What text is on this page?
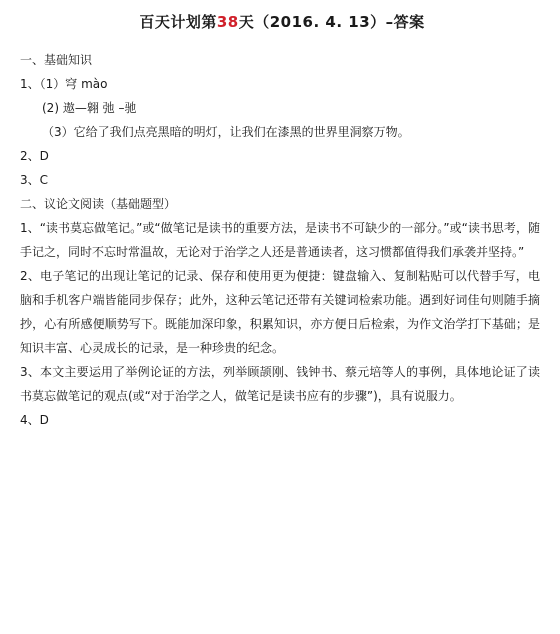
百天计划第38天（2016. 4. 13）–答案
一、基础知识
1、（1）穹 mào
(2) 遨—翱 弛 –驰
（3）它给了我们点亮黑暗的明灯，让我们在漆黑的世界里洞察万物。
2、D
3、C
二、议论文阅读（基础题型）

1、“读书莫忘做笔记。”或“做笔记是读书的重要方法，是读书不可缺少的一部分。”或“读书思考，随手记之，同时不忘时常温故，无论对于治学之人还是普通读者，这习惯都值得我们承袭并坚持。”

2、电子笔记的出现让笔记的记录、保存和使用更为便捷：键盘输入、复制粘贴可以代替手写，电脑和手机客户端皆能同步保存；此外，这种云笔记还带有关键词检索功能。遇到好词佳句则随手摘抄，心有所感便顺势写下。既能加深印象，积累知识，亦方便日后检索，为作文治学打下基础；是知识丰富、心灵成长的记录，是一种珍贵的纪念。

3、本文主要运用了举例论证的方法，列举顾颉刚、钱钟书、蔡元培等人的事例，具体地论证了读书莫忘做笔记的观点(或“对于治学之人，做笔记是读书应有的步骤”)，具有说服力。

4、D
